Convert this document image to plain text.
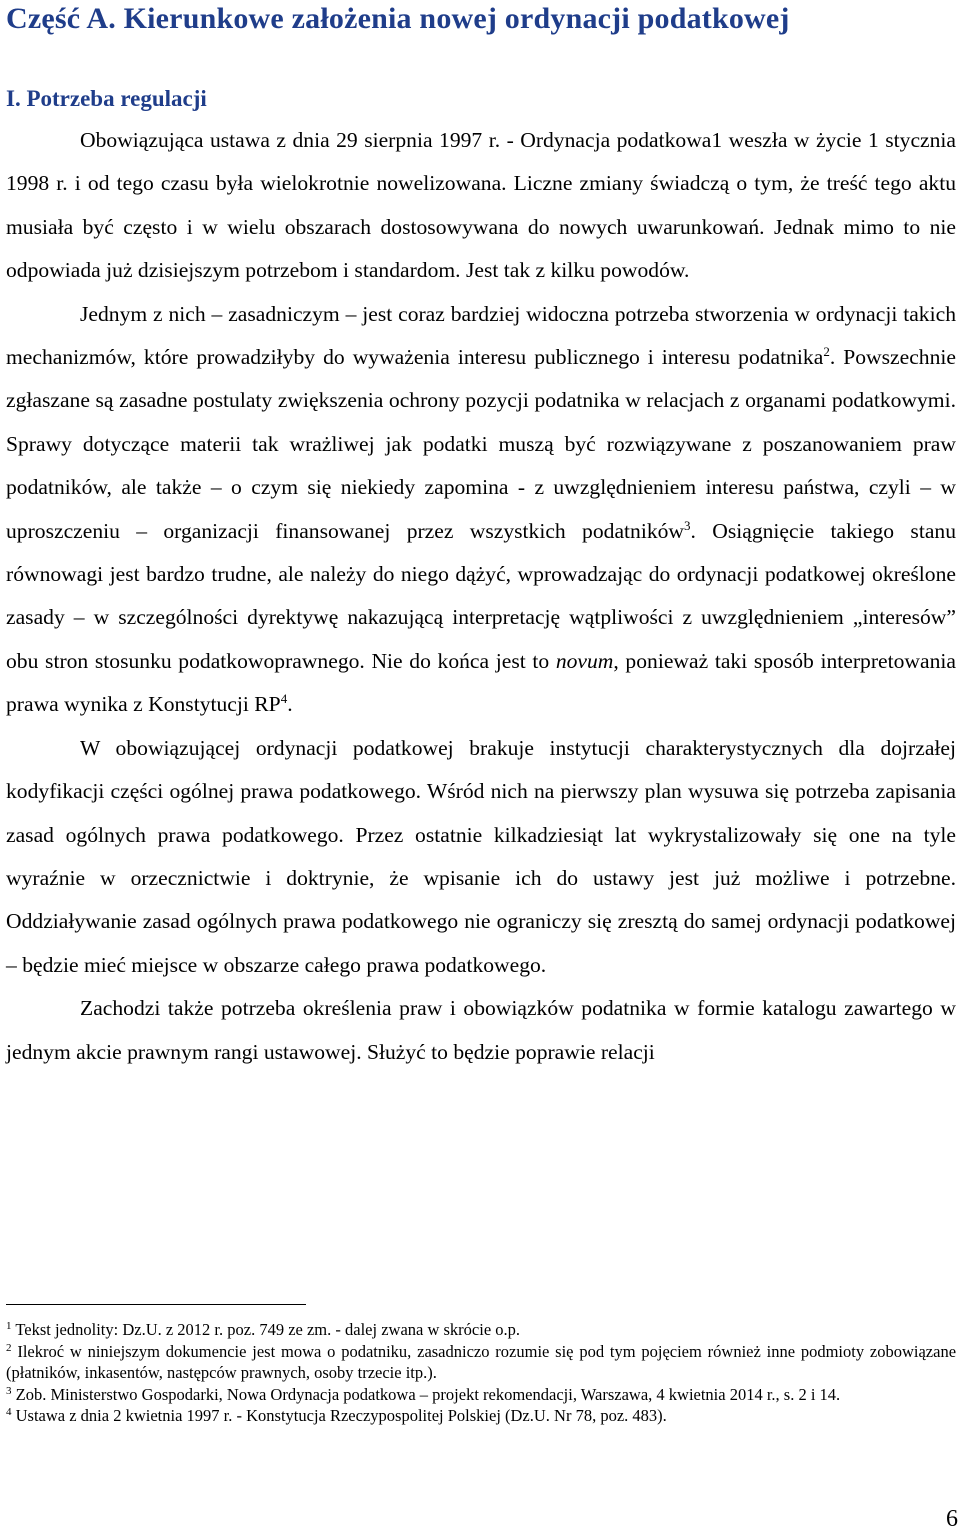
Część A. Kierunkowe założenia nowej ordynacji podatkowej
I. Potrzeba regulacji

Obowiązująca ustawa z dnia 29 sierpnia 1997 r. - Ordynacja podatkowa1 weszła w życie 1 stycznia 1998 r. i od tego czasu była wielokrotnie nowelizowana. Liczne zmiany świadczą o tym, że treść tego aktu musiała być często i w wielu obszarach dostosowywana do nowych uwarunkowań. Jednak mimo to nie odpowiada już dzisiejszym potrzebom i standardom. Jest tak z kilku powodów.

Jednym z nich – zasadniczym – jest coraz bardziej widoczna potrzeba stworzenia w ordynacji takich mechanizmów, które prowadziłyby do wyważenia interesu publicznego i interesu podatnika$^2$. Powszechnie zgłaszane są zasadne postulaty zwiększenia ochrony pozycji podatnika w relacjach z organami podatkowymi. Sprawy dotyczące materii tak wrażliwej jak podatki muszą być rozwiązywane z poszanowaniem praw podatników, ale także – o czym się niekiedy zapomina - z uwzględnieniem interesu państwa, czyli – w uproszczeniu – organizacji finansowanej przez wszystkich podatników$^3$. Osiągnięcie takiego stanu równowagi jest bardzo trudne, ale należy do niego dążyć, wprowadzając do ordynacji podatkowej określone zasady – w szczególności dyrektywę nakazującą interpretację wątpliwości z uwzględnieniem „interesów” obu stron stosunku podatkowoprawnego. Nie do końca jest to novum, ponieważ taki sposób interpretowania prawa wynika z Konstytucji $RP^4$.

W obowiązującej ordynacji podatkowej brakuje instytucji charakterystycznych dla dojrzałej kodyfikacji części ogólnej prawa podatkowego. Wśród nich na pierwszy plan wysuwa się potrzeba zapisania zasad ogólnych prawa podatkowego. Przez ostatnie kilkadziesiąt lat wykrystalizowały się one na tyle wyraźnie w orzecznictwie i doktrynie, że wpisanie ich do ustawy jest już możliwe i potrzebne. Oddziaływanie zasad ogólnych prawa podatkowego nie ograniczy się zresztą do samej ordynacji podatkowej – będzie mieć miejsce w obszarze całego prawa podatkowego.

Zachodzi także potrzeba określenia praw i obowiązków podatnika w formie katalogu zawartego w jednym akcie prawnym rangi ustawowej. Służyć to będzie poprawie relacji

$^1$ Tekst jednolity: Dz.U. z 2012 r. poz. 749 ze zm. - dalej zwana w skrócie o.p.

$^2$ Ilekroć w niniejszym dokumencie jest mowa o podatniku, zasadniczo rozumie się pod tym pojęciem również inne podmioty zobowiązane (płatników, inkasentów, następców prawnych, osoby trzecie itp.).

$^3$ Zob. Ministerstwo Gospodarki, Nowa Ordynacja podatkowa – projekt rekomendacji, Warszawa, 4 kwietnia 2014 r., s. 2 i 14.

$^4$ Ustawa z dnia 2 kwietnia 1997 r. - Konstytucja Rzeczypospolitej Polskiej (Dz.U. Nr 78, poz. 483).

6
